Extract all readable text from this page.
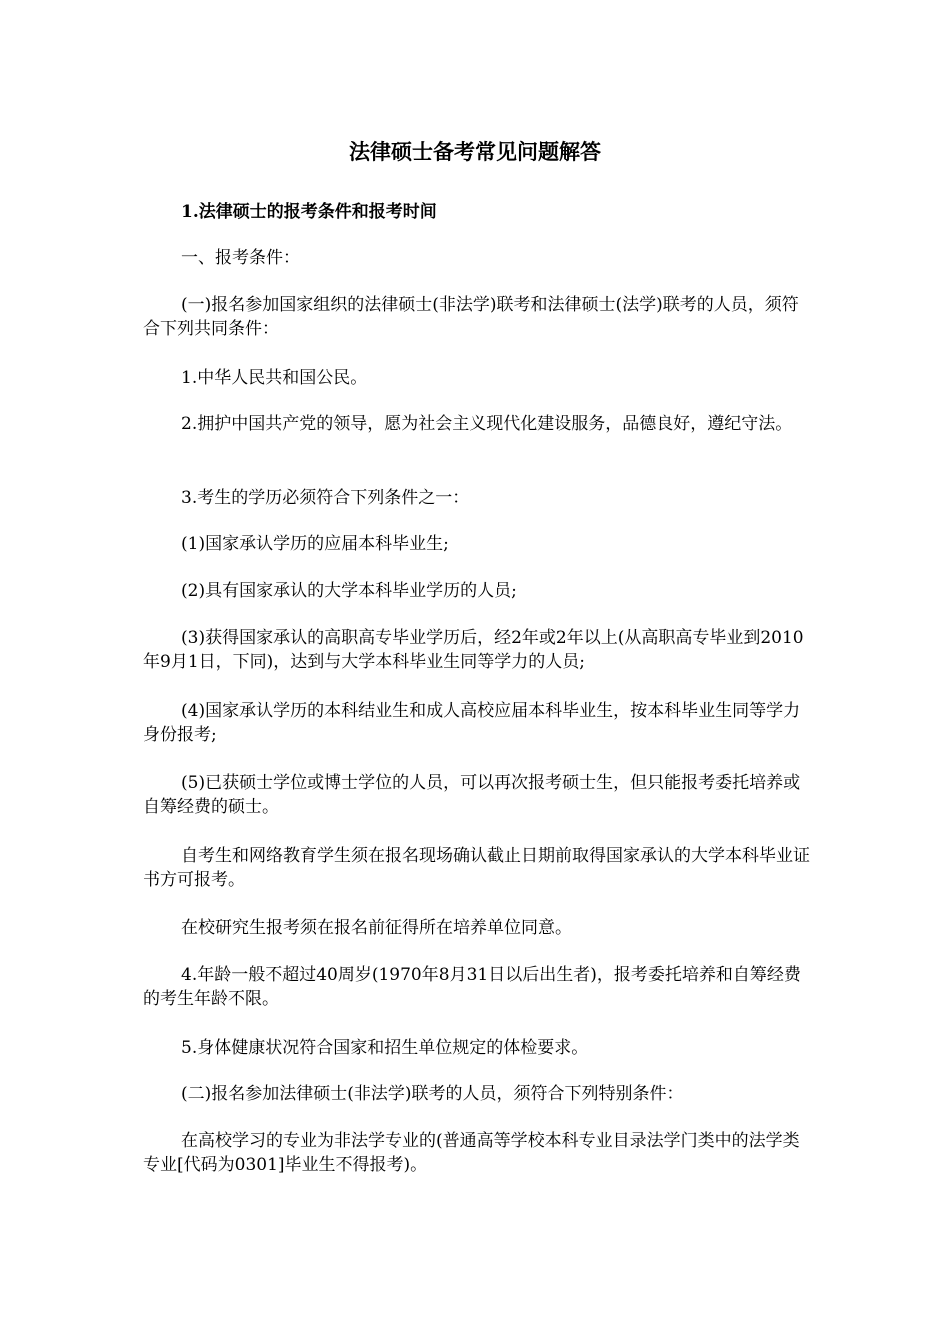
法律硕士备考常见问题解答

1.法律硕士的报考条件和报考时间

一、报考条件：

(一)报名参加国家组织的法律硕士(非法学)联考和法律硕士(法学)联考的人员，须符合下列共同条件：

1.中华人民共和国公民。

2.拥护中国共产党的领导，愿为社会主义现代化建设服务，品德良好，遵纪守法。

3.考生的学历必须符合下列条件之一：

(1)国家承认学历的应届本科毕业生;

(2)具有国家承认的大学本科毕业学历的人员;

(3)获得国家承认的高职高专毕业学历后，经2年或2年以上(从高职高专毕业到2010年9月1日，下同)，达到与大学本科毕业生同等学力的人员;

(4)国家承认学历的本科结业生和成人高校应届本科毕业生，按本科毕业生同等学力身份报考;

(5)已获硕士学位或博士学位的人员，可以再次报考硕士生，但只能报考委托培养或自筹经费的硕士。

自考生和网络教育学生须在报名现场确认截止日期前取得国家承认的大学本科毕业证书方可报考。

在校研究生报考须在报名前征得所在培养单位同意。

4.年龄一般不超过40周岁(1970年8月31日以后出生者)，报考委托培养和自筹经费的考生年龄不限。

5.身体健康状况符合国家和招生单位规定的体检要求。

(二)报名参加法律硕士(非法学)联考的人员，须符合下列特别条件：

在高校学习的专业为非法学专业的(普通高等学校本科专业目录法学门类中的法学类专业[代码为0301]毕业生不得报考)。
